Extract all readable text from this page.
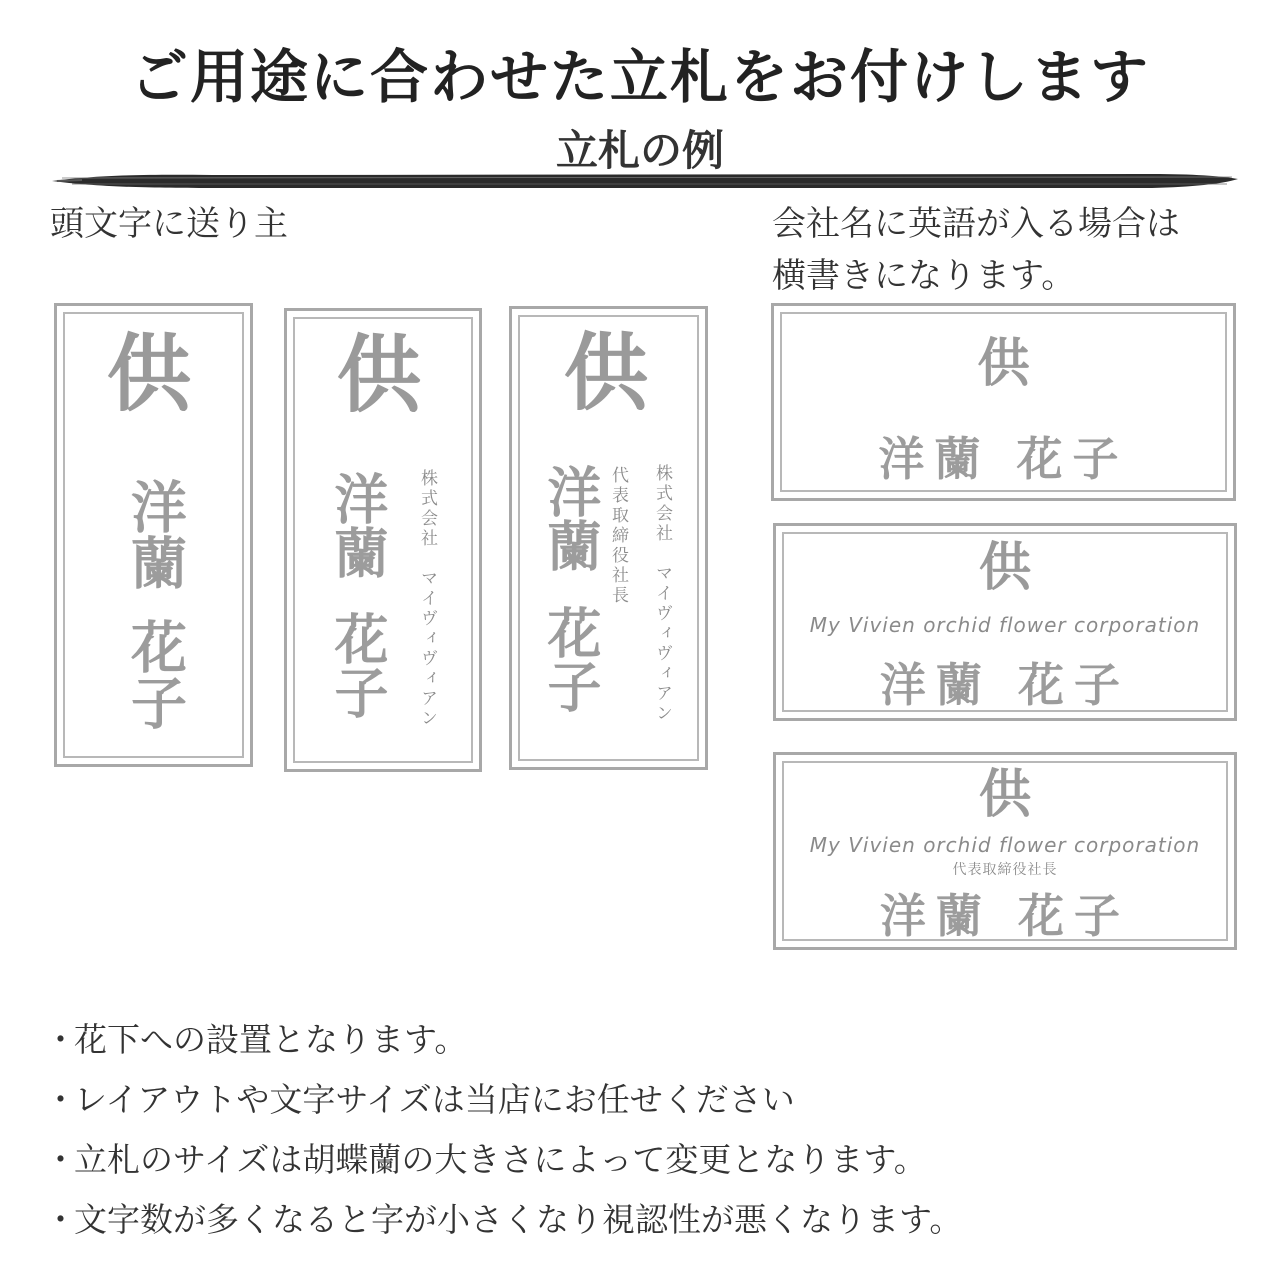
ご用途に合わせた立札をお付けします
立札の例
頭文字に送り主	会社名に英語が入る場合は
横書きになります。
供
洋蘭
花子
供
洋蘭
花子 株式会社　マイヴィヴィアン
供
洋蘭
花子
代表取締役社長 株式会社　マイヴィヴィアン
供
洋蘭 花子
供
My Vivien orchid flower corporation
洋蘭 花子
供
My Vivien orchid flower corporation
代表取締役社長
洋蘭 花子
・花下への設置となります。
・レイアウトや文字サイズは当店にお任せください
・立札のサイズは胡蝶蘭の大きさによって変更となります。
・文字数が多くなると字が小さくなり視認性が悪くなります。
